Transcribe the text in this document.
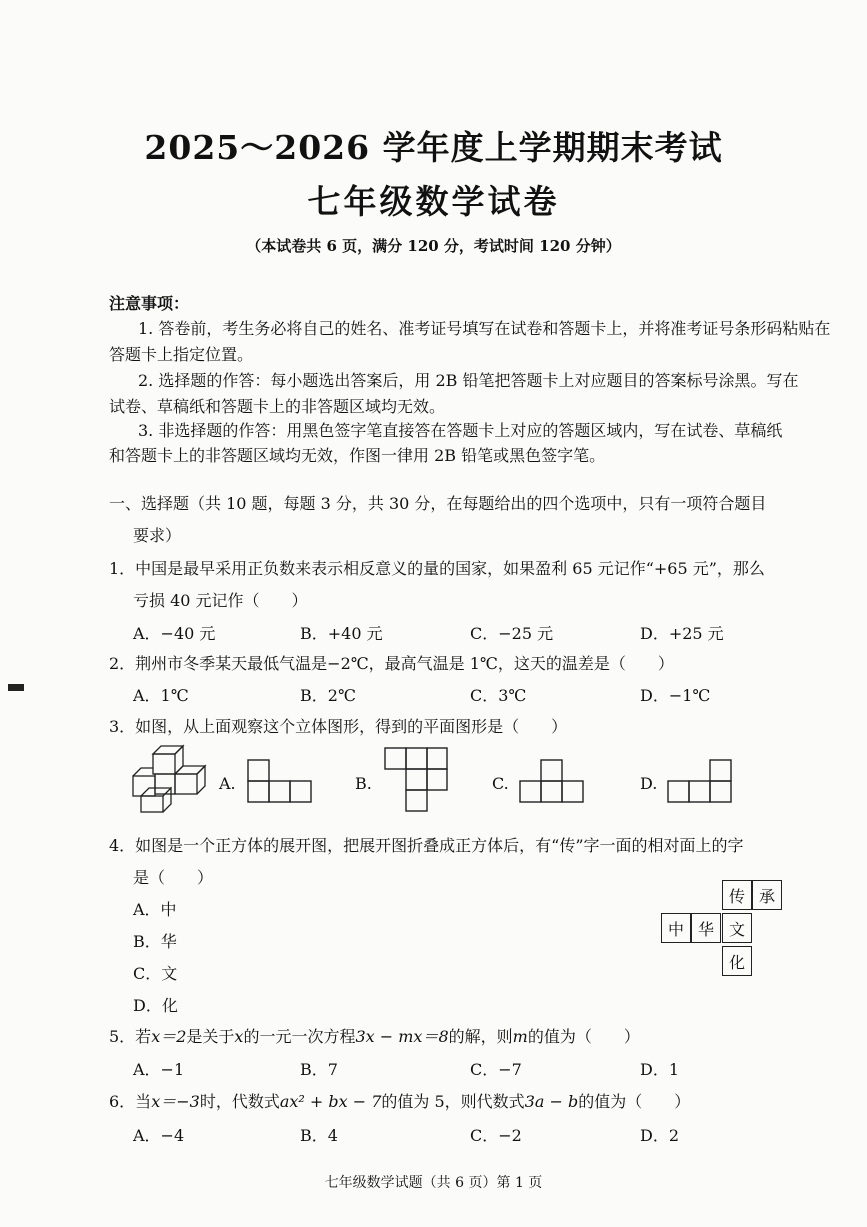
2025～2026 学年度上学期期末考试
七年级数学试卷
（本试卷共 6 页，满分 120 分，考试时间 120 分钟）
注意事项：
1. 答卷前，考生务必将自己的姓名、准考证号填写在试卷和答题卡上，并将准考证号条形码粘贴在
答题卡上指定位置。
2. 选择题的作答：每小题选出答案后，用 2B 铅笔把答题卡上对应题目的答案标号涂黑。写在
试卷、草稿纸和答题卡上的非答题区域均无效。
3. 非选择题的作答：用黑色签字笔直接答在答题卡上对应的答题区域内，写在试卷、草稿纸
和答题卡上的非答题区域均无效，作图一律用 2B 铅笔或黑色签字笔。
一、选择题（共 10 题，每题 3 分，共 30 分，在每题给出的四个选项中，只有一项符合题目
要求）
1．中国是最早采用正负数来表示相反意义的量的国家，如果盈利 65 元记作“+65 元”，那么
亏损 40 元记作（　　）
A．−40 元	B．+40 元	C．−25 元	D．+25 元
2．荆州市冬季某天最低气温是−2℃，最高气温是 1℃，这天的温差是（　　）
A．1℃	B．2℃	C．3℃	D．−1℃
3．如图，从上面观察这个立体图形，得到的平面图形是（　　）
A.	B.	C.	D.
4．如图是一个正方体的展开图，把展开图折叠成正方体后，有“传”字一面的相对面上的字
是（　　）
A．中
B．华
C．文
D．化
传 承
中 华 文
化
5．若x＝2是关于x的一元一次方程3x − mx＝8的解，则m的值为（　　）
A．−1	B．7	C．−7	D．1
6．当x＝−3时，代数式ax² + bx − 7的值为 5，则代数式3a − b的值为（　　）
A．−4	B．4	C．−2	D．2
七年级数学试题（共 6 页）第 1 页
